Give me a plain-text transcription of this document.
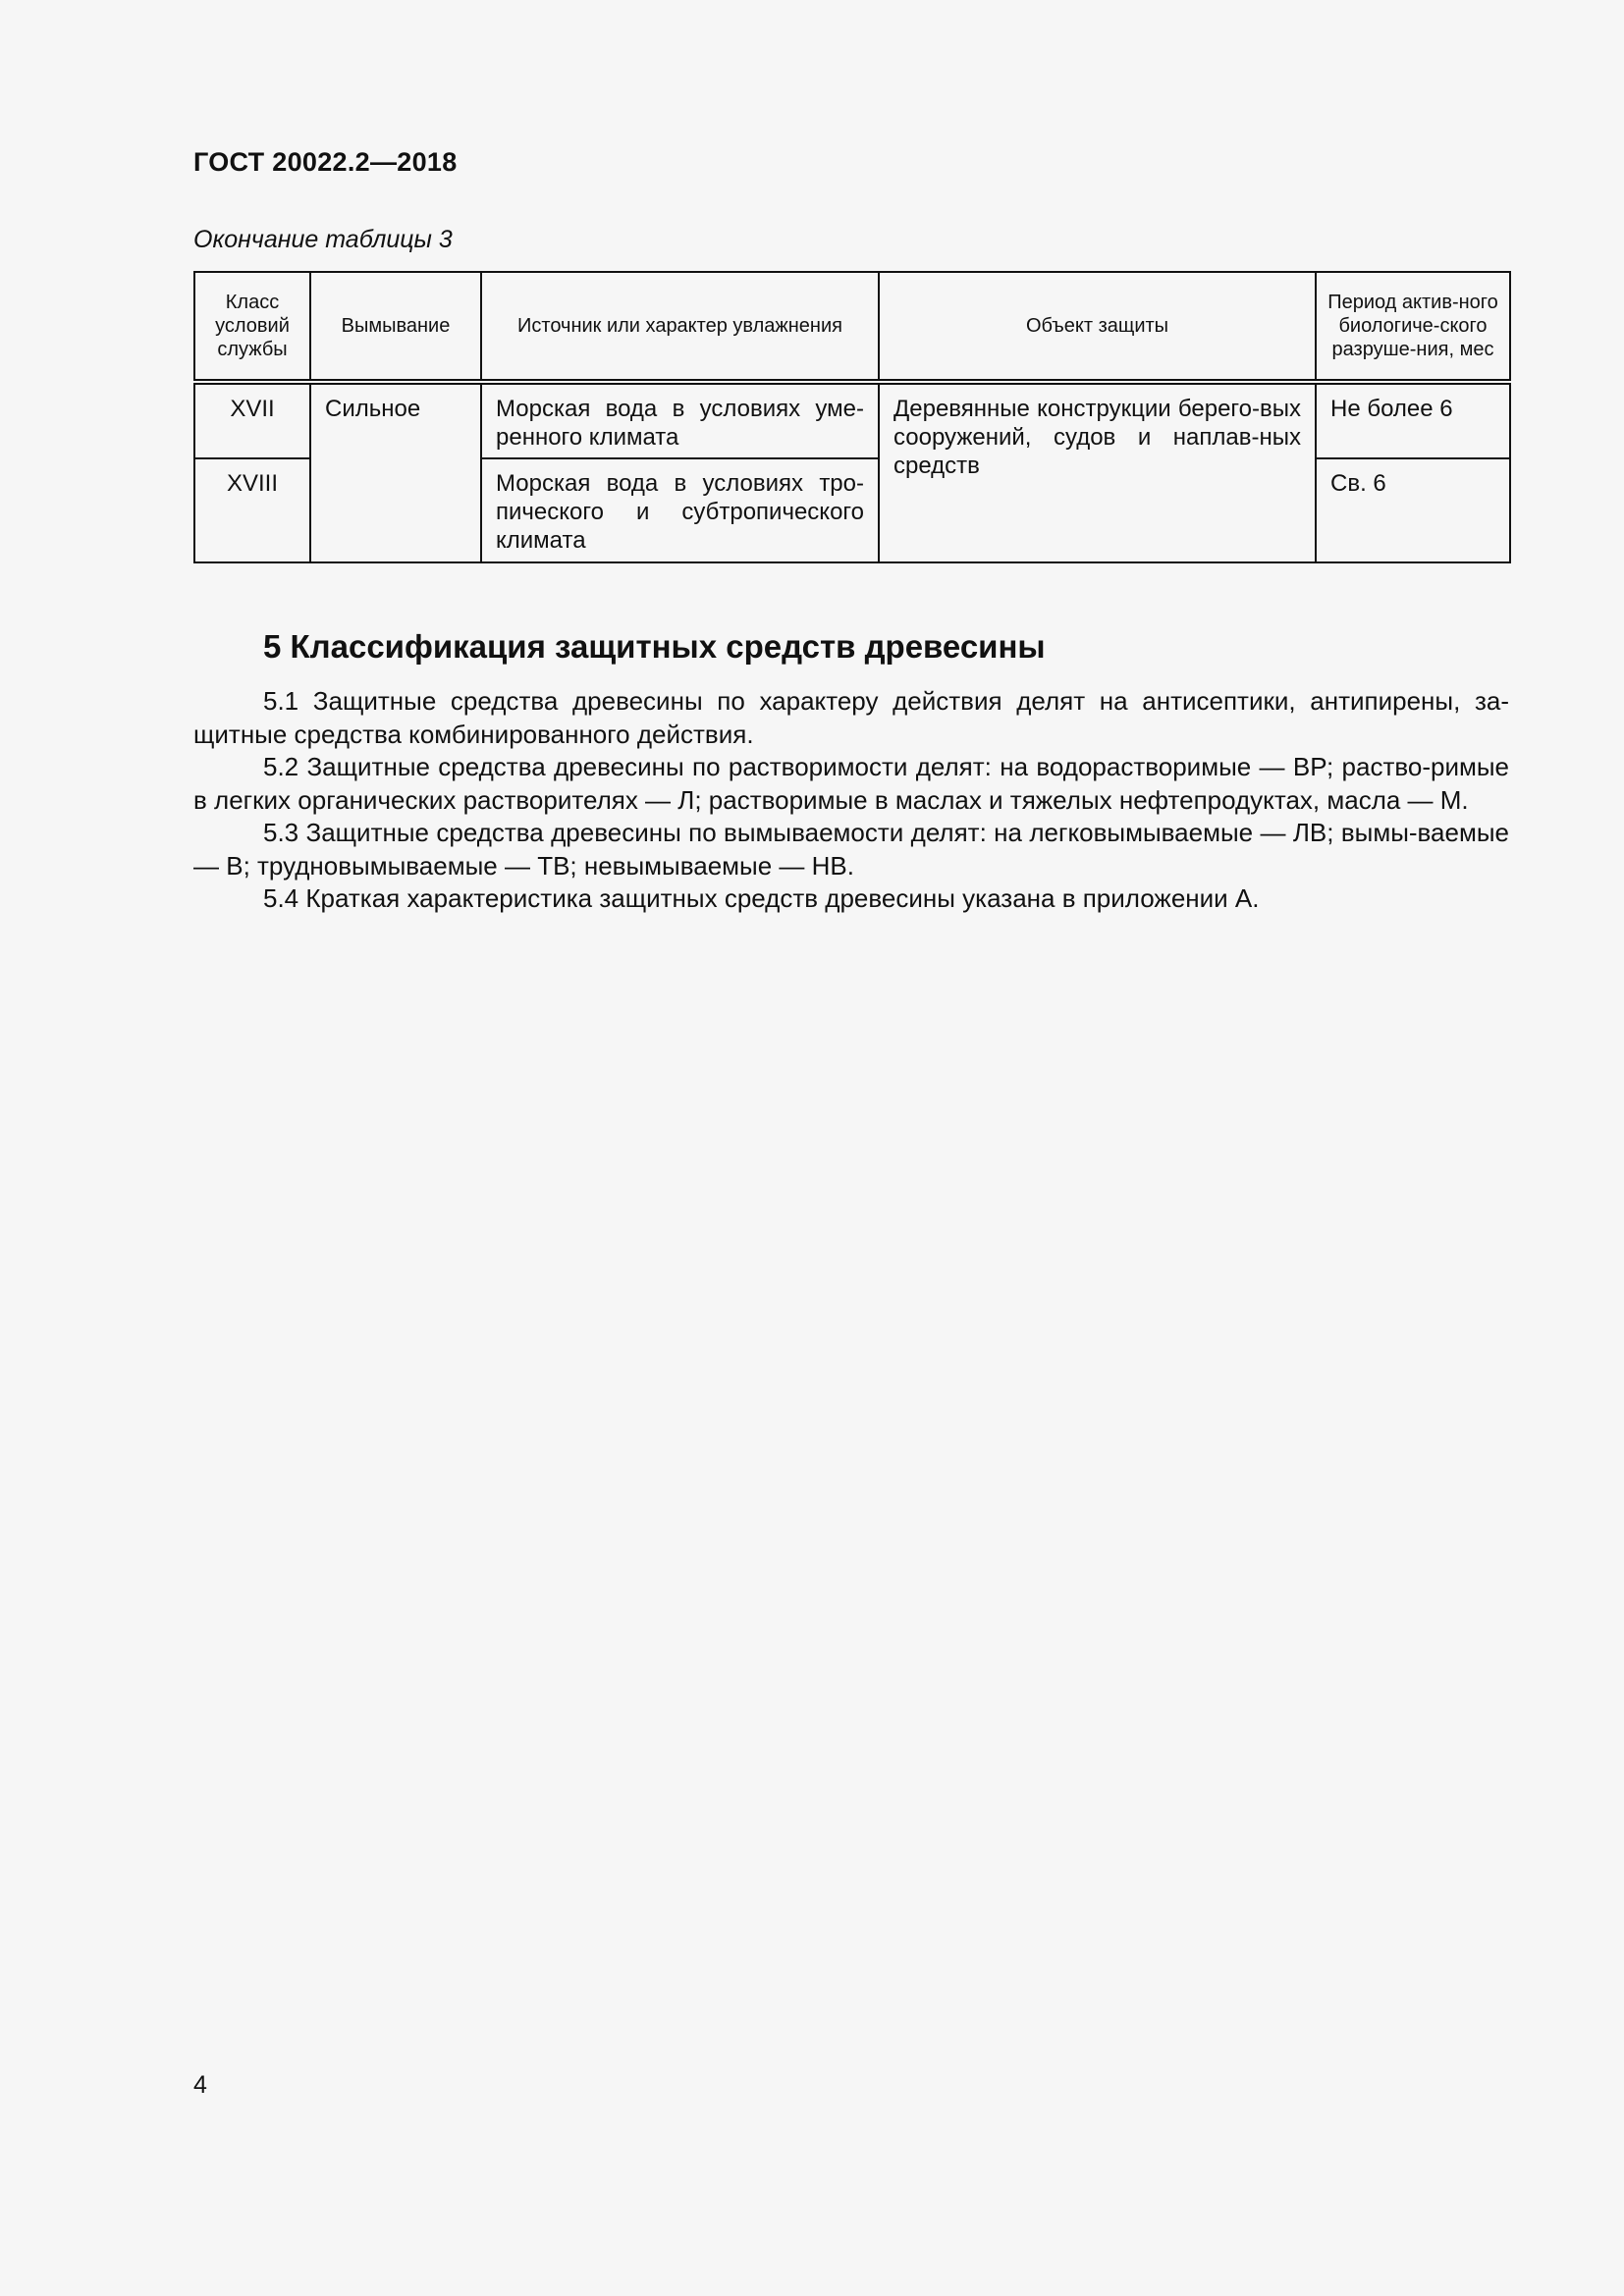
ГОСТ 20022.2—2018
Окончание таблицы 3
Класс условий службы	Вымывание	Источник или характер увлажнения	Объект защиты	Период актив-ного биологиче-ского разруше-ния, мес
XVII	Сильное	Морская вода в условиях уме-ренного климата	Деревянные конструкции берего-вых сооружений, судов и наплав-ных средств	Не более 6
XVIII		Морская вода в условиях тро-пического и субтропического климата		Св. 6
5 Классификация защитных средств древесины

5.1 Защитные средства древесины по характеру действия делят на антисептики, антипирены, за-щитные средства комбинированного действия.

5.2 Защитные средства древесины по растворимости делят: на водорастворимые — ВР; раство-римые в легких органических растворителях — Л; растворимые в маслах и тяжелых нефтепродуктах, масла — М.

5.3 Защитные средства древесины по вымываемости делят: на легковымываемые — ЛВ; вымы-ваемые — В; трудновымываемые — ТВ; невымываемые — НВ.

5.4 Краткая характеристика защитных средств древесины указана в приложении А.

4
